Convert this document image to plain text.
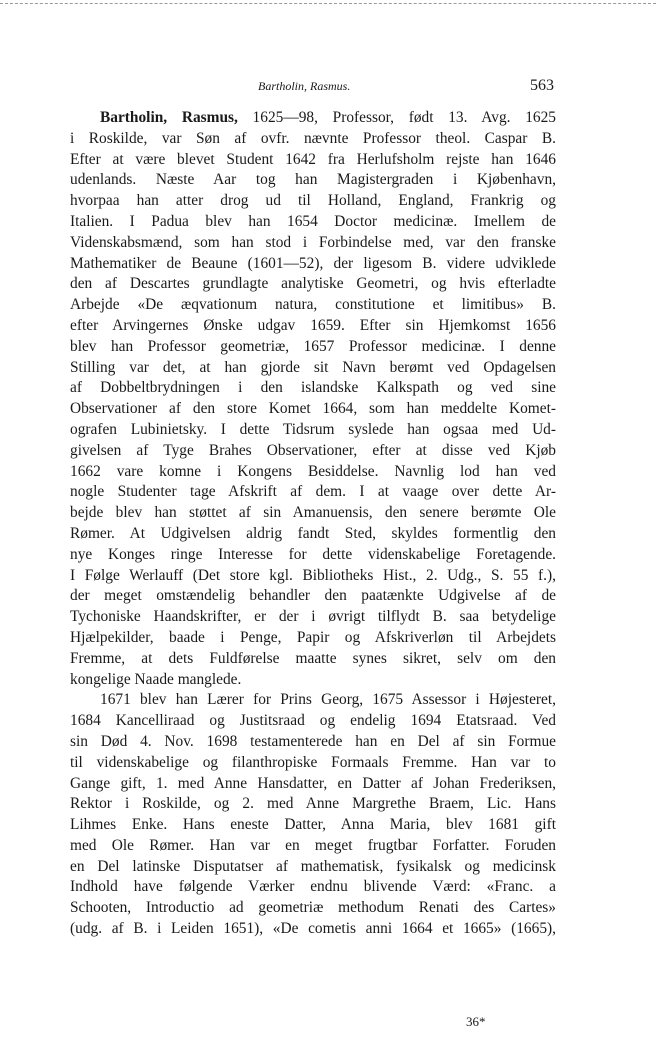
Bartholin, Rasmus.	563
Bartholin, Rasmus, 1625—98, Professor, født 13. Avg. 1625
i Roskilde, var Søn af ovfr. nævnte Professor theol. Caspar B.
Efter at være blevet Student 1642 fra Herlufsholm rejste han 1646
udenlands. Næste Aar tog han Magistergraden i Kjøbenhavn,
hvorpaa han atter drog ud til Holland, England, Frankrig og
Italien. I Padua blev han 1654 Doctor medicinæ. Imellem de
Videnskabsmænd, som han stod i Forbindelse med, var den franske
Mathematiker de Beaune (1601—52), der ligesom B. videre udviklede
den af Descartes grundlagte analytiske Geometri, og hvis efterladte
Arbejde «De æqvationum natura, constitutione et limitibus» B.
efter Arvingernes Ønske udgav 1659. Efter sin Hjemkomst 1656
blev han Professor geometriæ, 1657 Professor medicinæ. I denne
Stilling var det, at han gjorde sit Navn berømt ved Opdagelsen
af Dobbeltbrydningen i den islandske Kalkspath og ved sine
Observationer af den store Komet 1664, som han meddelte Komet-
ografen Lubinietsky. I dette Tidsrum syslede han ogsaa med Ud-
givelsen af Tyge Brahes Observationer, efter at disse ved Kjøb
1662 vare komne i Kongens Besiddelse. Navnlig lod han ved
nogle Studenter tage Afskrift af dem. I at vaage over dette Ar-
bejde blev han støttet af sin Amanuensis, den senere berømte Ole
Rømer. At Udgivelsen aldrig fandt Sted, skyldes formentlig den
nye Konges ringe Interesse for dette videnskabelige Foretagende.
I Følge Werlauff (Det store kgl. Bibliotheks Hist., 2. Udg., S. 55 f.),
der meget omstændelig behandler den paatænkte Udgivelse af de
Tychoniske Haandskrifter, er der i øvrigt tilflydt B. saa betydelige
Hjælpekilder, baade i Penge, Papir og Afskriverløn til Arbejdets
Fremme, at dets Fuldførelse maatte synes sikret, selv om den
kongelige Naade manglede.
1671 blev han Lærer for Prins Georg, 1675 Assessor i Højesteret,
1684 Kancelliraad og Justitsraad og endelig 1694 Etatsraad. Ved
sin Død 4. Nov. 1698 testamenterede han en Del af sin Formue
til videnskabelige og filanthropiske Formaals Fremme. Han var to
Gange gift, 1. med Anne Hansdatter, en Datter af Johan Frederiksen,
Rektor i Roskilde, og 2. med Anne Margrethe Braem, Lic. Hans
Lihmes Enke. Hans eneste Datter, Anna Maria, blev 1681 gift
med Ole Rømer. Han var en meget frugtbar Forfatter. Foruden
en Del latinske Disputatser af mathematisk, fysikalsk og medicinsk
Indhold have følgende Værker endnu blivende Værd: «Franc. a
Schooten, Introductio ad geometriæ methodum Renati des Cartes»
(udg. af B. i Leiden 1651), «De cometis anni 1664 et 1665» (1665),
36*
